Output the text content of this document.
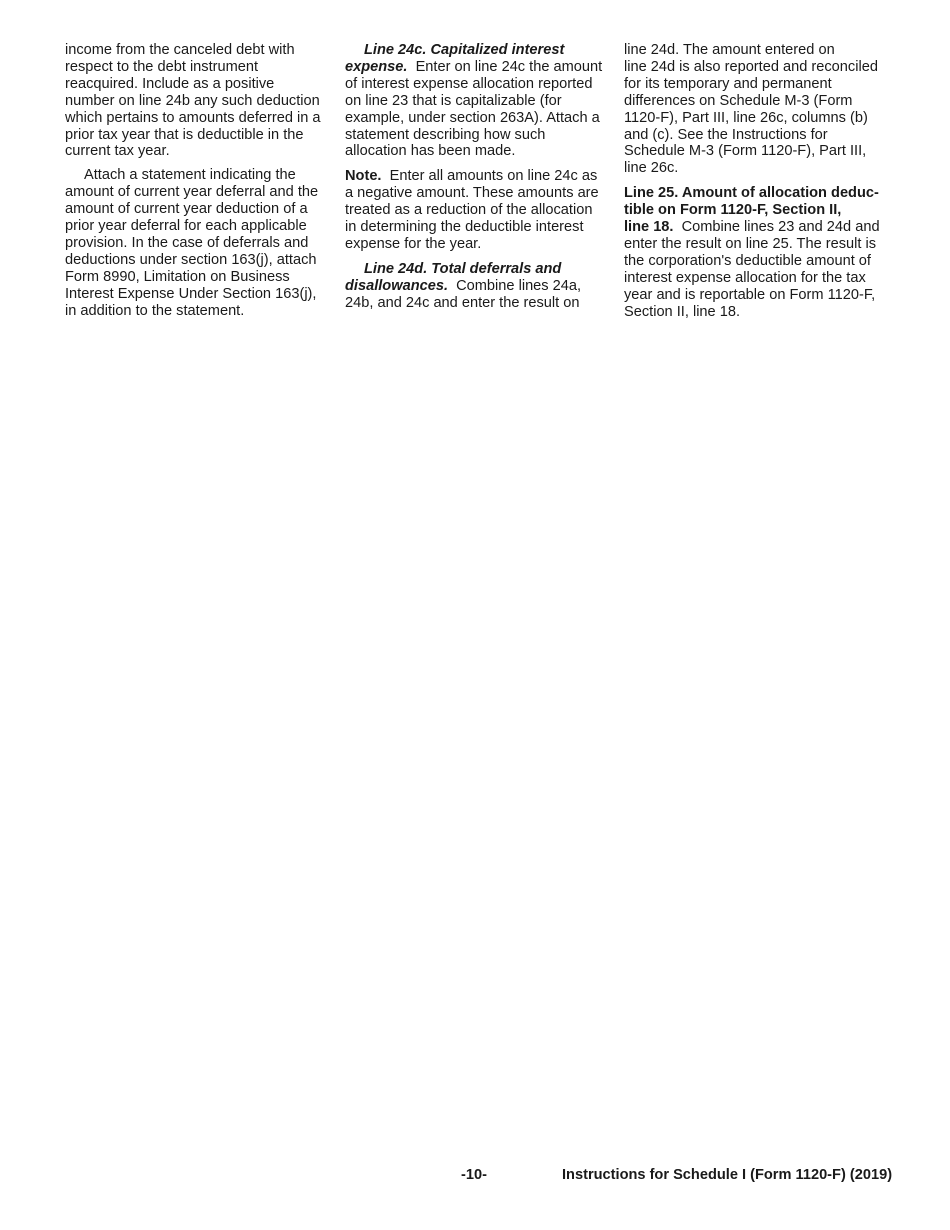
income from the canceled debt with
respect to the debt instrument
reacquired. Include as a positive
number on line 24b any such deduction
which pertains to amounts deferred in a
prior tax year that is deductible in the
current tax year.
Attach a statement indicating the
amount of current year deferral and the
amount of current year deduction of a
prior year deferral for each applicable
provision. In the case of deferrals and
deductions under section 163(j), attach
Form 8990, Limitation on Business
Interest Expense Under Section 163(j),
in addition to the statement.
Line 24c. Capitalized interest
expense. Enter on line 24c the amount
of interest expense allocation reported
on line 23 that is capitalizable (for
example, under section 263A). Attach a
statement describing how such
allocation has been made.
Note. Enter all amounts on line 24c as
a negative amount. These amounts are
treated as a reduction of the allocation
in determining the deductible interest
expense for the year.
Line 24d. Total deferrals and
disallowances. Combine lines 24a,
24b, and 24c and enter the result on
line 24d. The amount entered on
line 24d is also reported and reconciled
for its temporary and permanent
differences on Schedule M-3 (Form
1120-F), Part III, line 26c, columns (b)
and (c). See the Instructions for
Schedule M-3 (Form 1120-F), Part III,
line 26c.
Line 25. Amount of allocation deduc-
tible on Form 1120-F, Section II,
line 18. Combine lines 23 and 24d and
enter the result on line 25. The result is
the corporation's deductible amount of
interest expense allocation for the tax
year and is reportable on Form 1120-F,
Section II, line 18.
-10-	Instructions for Schedule I (Form 1120-F) (2019)
